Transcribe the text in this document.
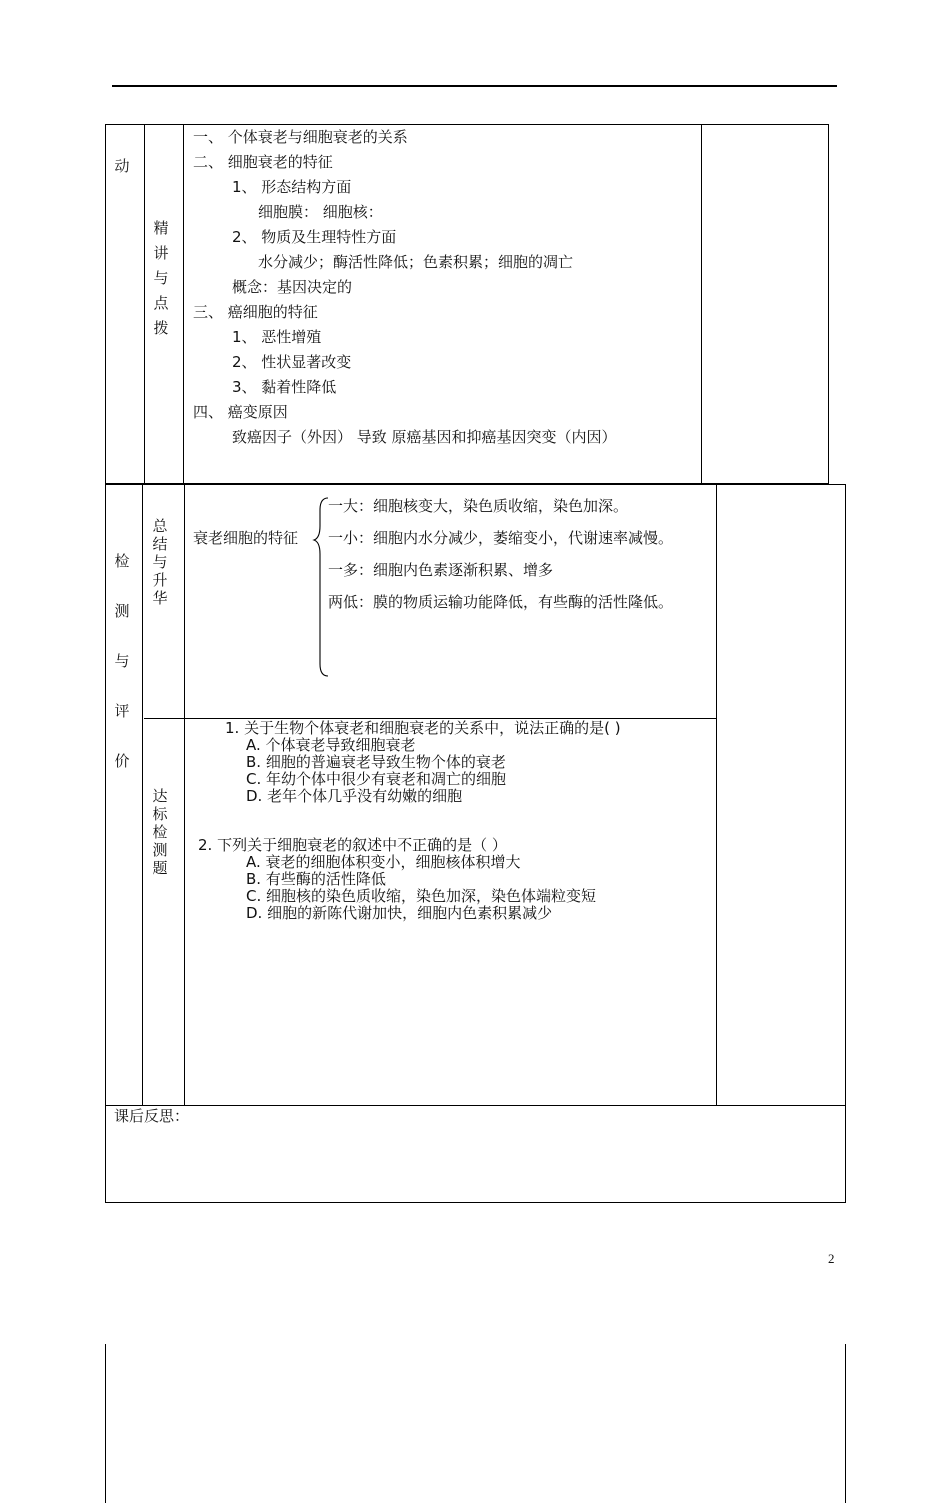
动
精
讲
与
点
拨
一、 个体衰老与细胞衰老的关系
二、 细胞衰老的特征
1、 形态结构方面
细胞膜： 细胞核：
2、 物质及生理特性方面
水分减少；酶活性降低；色素积累；细胞的凋亡
概念：基因决定的
三、 癌细胞的特征
1、 恶性增殖
2、 性状显著改变
3、 黏着性降低
四、 癌变原因
致癌因子（外因） 导致 原癌基因和抑癌基因突变（内因）
检
测
与
评
价
总
结
与
升
华
衰老细胞的特征
一大：细胞核变大，染色质收缩，染色加深。
一小：细胞内水分减少，萎缩变小，代谢速率减慢。
一多：细胞内色素逐渐积累、增多
两低：膜的物质运输功能降低，有些酶的活性隆低。
达
标
检
测
题
1. 关于生物个体衰老和细胞衰老的关系中，说法正确的是( )
A. 个体衰老导致细胞衰老
B. 细胞的普遍衰老导致生物个体的衰老
C. 年幼个体中很少有衰老和凋亡的细胞
D. 老年个体几乎没有幼嫩的细胞
2. 下列关于细胞衰老的叙述中不正确的是（ ）
A. 衰老的细胞体积变小，细胞核体积增大
B. 有些酶的活性降低
C. 细胞核的染色质收缩，染色加深，染色体端粒变短
D. 细胞的新陈代谢加快，细胞内色素积累减少
课后反思：
2
